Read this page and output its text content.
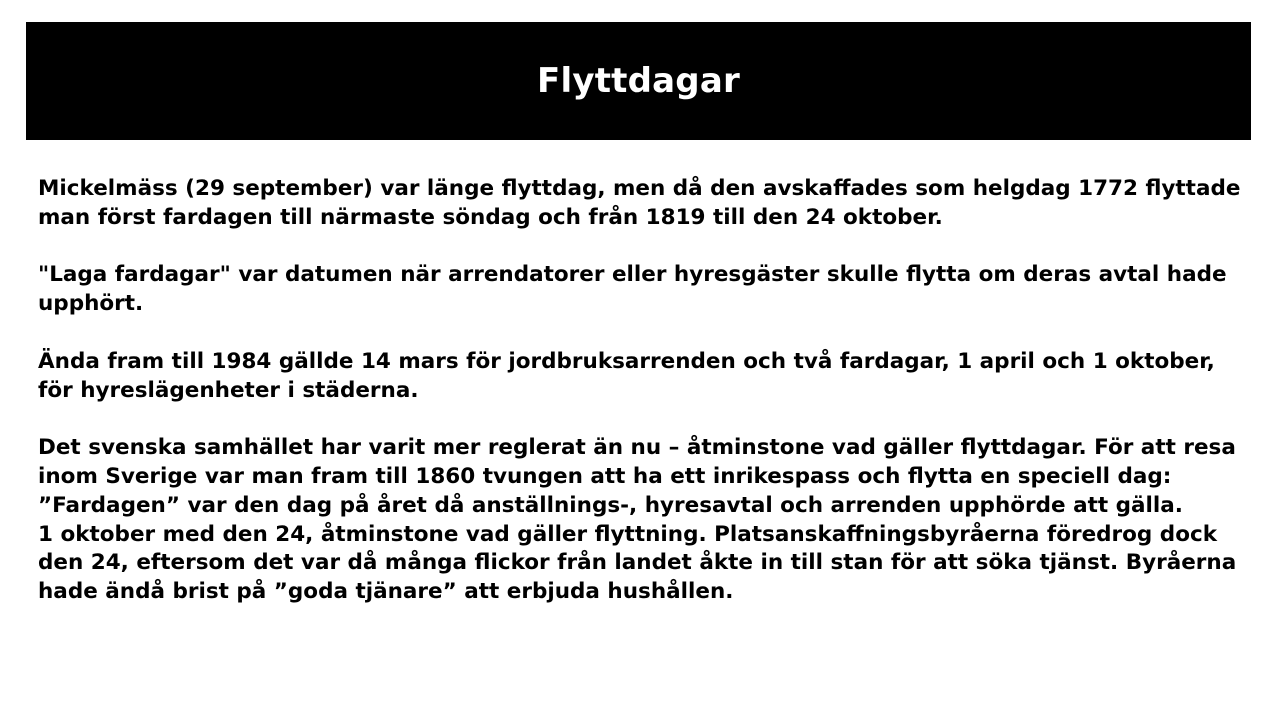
Flyttdagar

Mickelmäss (29 september) var länge flyttdag, men då den avskaffades som helgdag 1772 flyttade man först fardagen till närmaste söndag och från 1819 till den 24 oktober.

"Laga fardagar" var datumen när arrendatorer eller hyresgäster skulle flytta om deras avtal hade upphört.

Ända fram till 1984 gällde 14 mars för jordbruksarrenden och två fardagar, 1 april och 1 oktober, för hyreslägenheter i städerna.

Det svenska samhället har varit mer reglerat än nu – åtminstone vad gäller flyttdagar. För att resa inom Sverige var man fram till 1860 tvungen att ha ett inrikespass och flytta en speciell dag: ”Fardagen” var den dag på året då anställnings-, hyresavtal och arrenden upphörde att gälla.

1 oktober med den 24, åtminstone vad gäller flyttning. Platsanskaffningsbyråerna föredrog dock den 24, eftersom det var då många flickor från landet åkte in till stan för att söka tjänst. Byråerna hade ändå brist på ”goda tjänare” att erbjuda hushållen.
